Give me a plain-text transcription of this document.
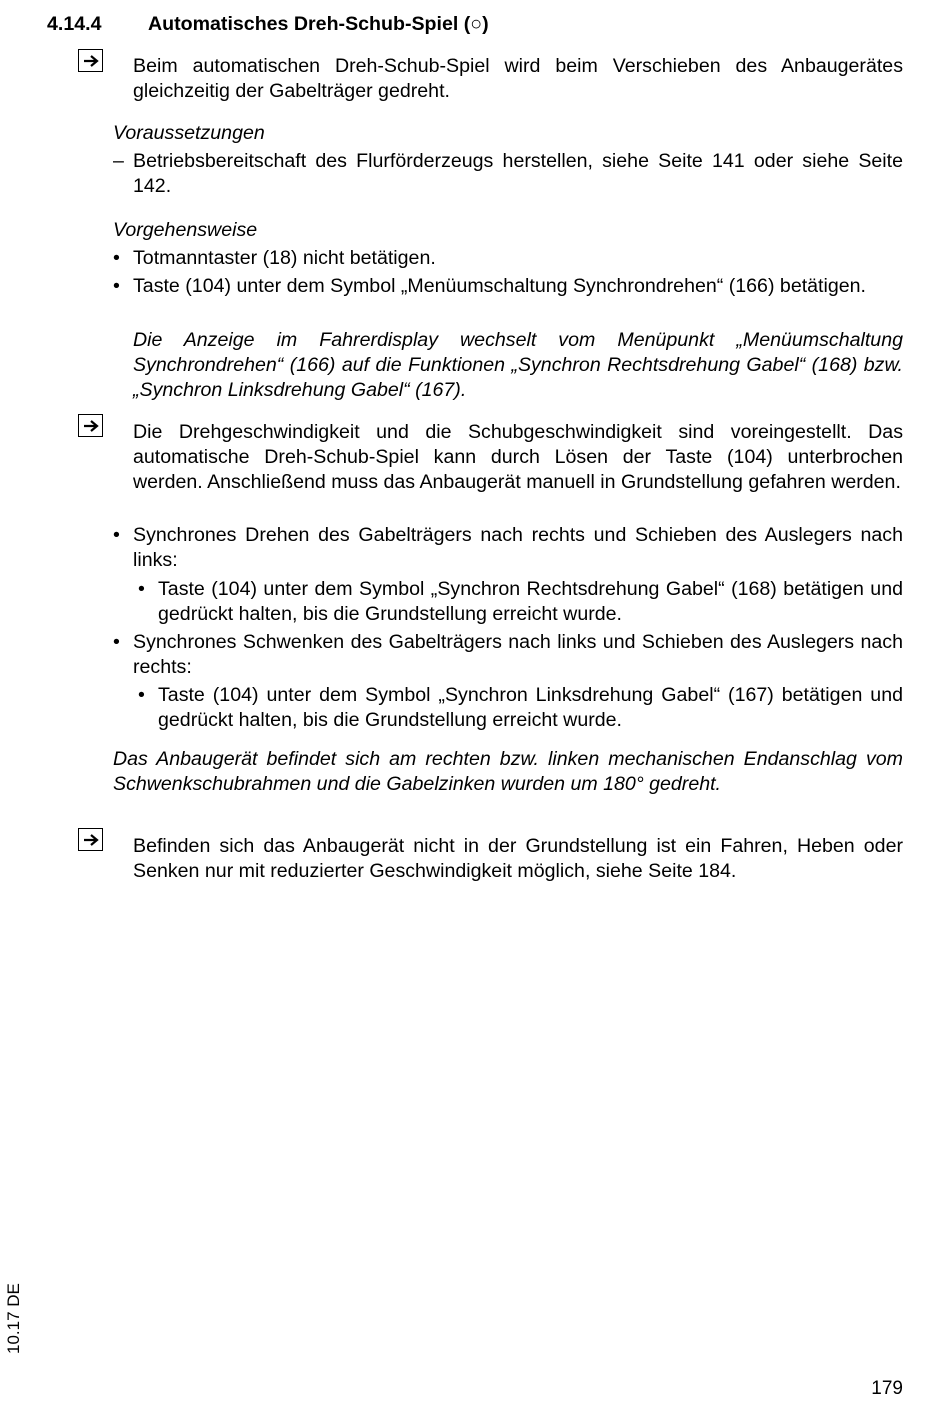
4.14.4 Automatisches Dreh-Schub-Spiel (○)
Beim automatischen Dreh-Schub-Spiel wird beim Verschieben des Anbaugerätes gleichzeitig der Gabelträger gedreht.
Voraussetzungen
– Betriebsbereitschaft des Flurförderzeugs herstellen, siehe Seite 141 oder siehe Seite 142.
Vorgehensweise
• Totmanntaster (18) nicht betätigen.
• Taste (104) unter dem Symbol „Menüumschaltung Synchrondrehen“ (166) betätigen.
Die Anzeige im Fahrerdisplay wechselt vom Menüpunkt „Menüumschaltung Synchrondrehen“ (166) auf die Funktionen „Synchron Rechtsdrehung Gabel“ (168) bzw. „Synchron Linksdrehung Gabel“ (167).
Die Drehgeschwindigkeit und die Schubgeschwindigkeit sind voreingestellt. Das automatische Dreh-Schub-Spiel kann durch Lösen der Taste (104) unterbrochen werden. Anschließend muss das Anbaugerät manuell in Grundstellung gefahren werden.
• Synchrones Drehen des Gabelträgers nach rechts und Schieben des Auslegers nach links:
• Taste (104) unter dem Symbol „Synchron Rechtsdrehung Gabel“ (168) betätigen und gedrückt halten, bis die Grundstellung erreicht wurde.
• Synchrones Schwenken des Gabelträgers nach links und Schieben des Auslegers nach rechts:
• Taste (104) unter dem Symbol „Synchron Linksdrehung Gabel“ (167) betätigen und gedrückt halten, bis die Grundstellung erreicht wurde.
Das Anbaugerät befindet sich am rechten bzw. linken mechanischen Endanschlag vom Schwenkschubrahmen und die Gabelzinken wurden um 180° gedreht.
Befinden sich das Anbaugerät nicht in der Grundstellung ist ein Fahren, Heben oder Senken nur mit reduzierter Geschwindigkeit möglich, siehe Seite 184.
10.17 DE
179
